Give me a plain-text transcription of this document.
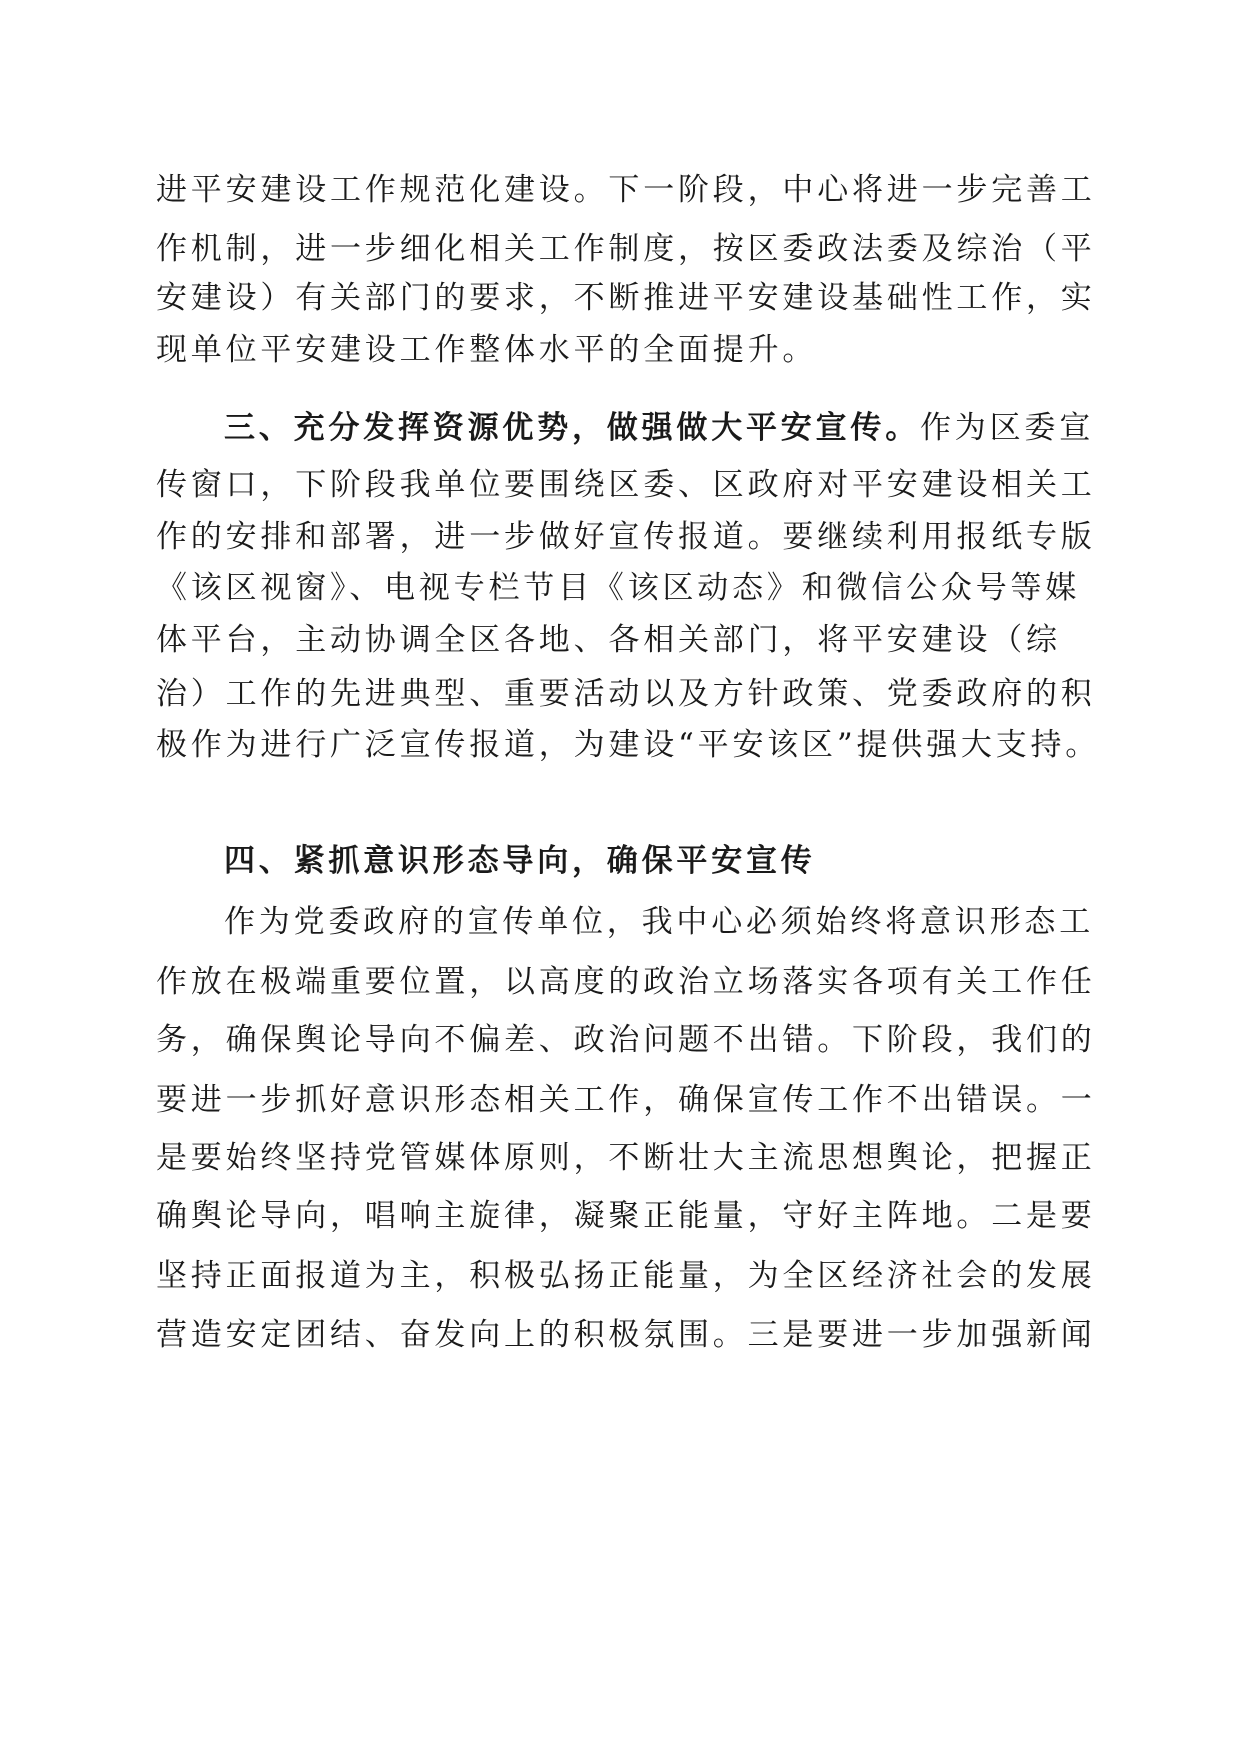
进平安建设工作规范化建设。下一阶段，中心将进一步完善工
作机制，进一步细化相关工作制度，按区委政法委及综治（平
安建设）有关部门的要求，不断推进平安建设基础性工作，实
现单位平安建设工作整体水平的全面提升。
三、充分发挥资源优势，做强做大平安宣传。作为区委宣
传窗口，下阶段我单位要围绕区委、区政府对平安建设相关工
作的安排和部署，进一步做好宣传报道。要继续利用报纸专版
《该区视窗》、电视专栏节目《该区动态》和微信公众号等媒
体平台，主动协调全区各地、各相关部门，将平安建设（综
治）工作的先进典型、重要活动以及方针政策、党委政府的积
极作为进行广泛宣传报道，为建设“平安该区”提供强大支持。
四、紧抓意识形态导向，确保平安宣传
作为党委政府的宣传单位，我中心必须始终将意识形态工
作放在极端重要位置，以高度的政治立场落实各项有关工作任
务，确保舆论导向不偏差、政治问题不出错。下阶段，我们的
要进一步抓好意识形态相关工作，确保宣传工作不出错误。一
是要始终坚持党管媒体原则，不断壮大主流思想舆论，把握正
确舆论导向，唱响主旋律，凝聚正能量，守好主阵地。二是要
坚持正面报道为主，积极弘扬正能量，为全区经济社会的发展
营造安定团结、奋发向上的积极氛围。三是要进一步加强新闻
